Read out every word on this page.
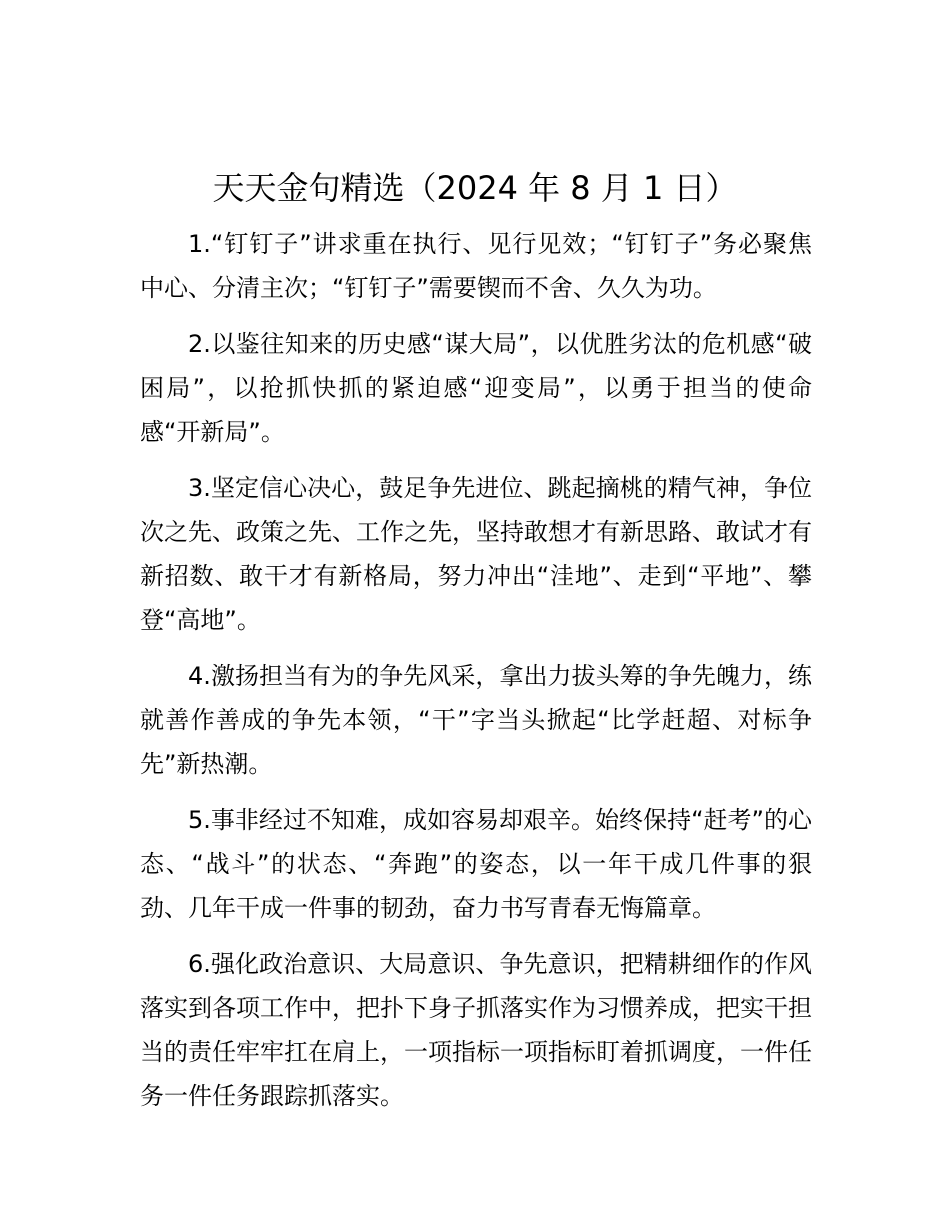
天天金句精选（2024 年 8 月 1 日）

1.“钉钉子”讲求重在执行、见行见效；“钉钉子”务必聚焦中心、分清主次；“钉钉子”需要锲而不舍、久久为功。

2.以鉴往知来的历史感“谋大局”，以优胜劣汰的危机感“破困局”，以抢抓快抓的紧迫感“迎变局”，以勇于担当的使命感“开新局”。

3.坚定信心决心，鼓足争先进位、跳起摘桃的精气神，争位次之先、政策之先、工作之先，坚持敢想才有新思路、敢试才有新招数、敢干才有新格局，努力冲出“洼地”、走到“平地”、攀登“高地”。

4.激扬担当有为的争先风采，拿出力拔头筹的争先魄力，练就善作善成的争先本领，“干”字当头掀起“比学赶超、对标争先”新热潮。

5.事非经过不知难，成如容易却艰辛。始终保持“赶考”的心态、“战斗”的状态、“奔跑”的姿态，以一年干成几件事的狠劲、几年干成一件事的韧劲，奋力书写青春无悔篇章。

6.强化政治意识、大局意识、争先意识，把精耕细作的作风落实到各项工作中，把扑下身子抓落实作为习惯养成，把实干担当的责任牢牢扛在肩上，一项指标一项指标盯着抓调度，一件任务一件任务跟踪抓落实。
